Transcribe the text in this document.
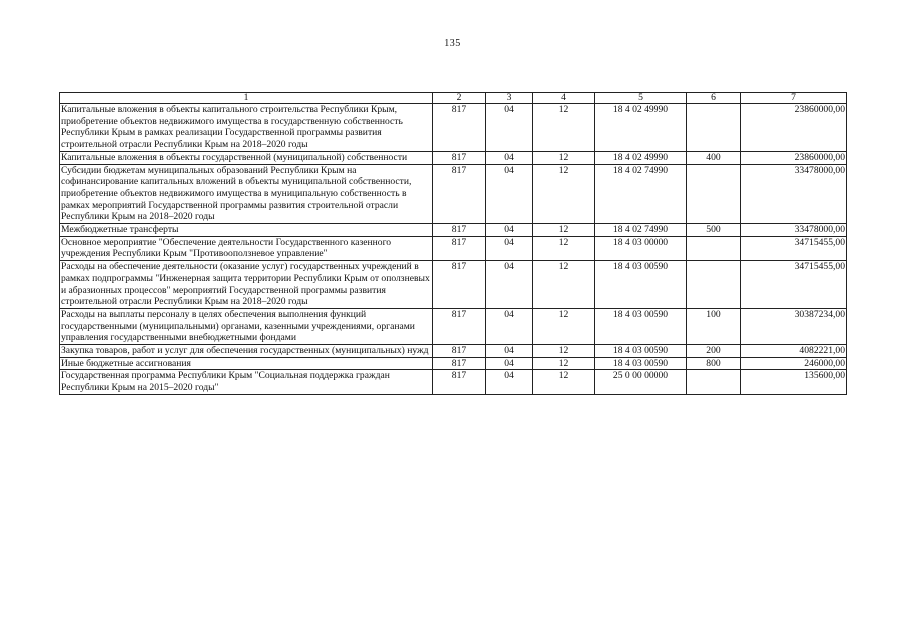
135
1	2	3	4	5	6	7
Капитальные вложения в объекты капитального строительства Республики Крым, приобретение объектов недвижимого имущества в государственную собственность Республики Крым в рамках реализации Государственной программы развития строительной отрасли Республики Крым на 2018–2020 годы	817	04	12	18 4 02 49990		23860000,00
Капитальные вложения в объекты государственной (муниципальной) собственности	817	04	12	18 4 02 49990	400	23860000,00
Субсидии бюджетам муниципальных образований Республики Крым на софинансирование капитальных вложений в объекты муниципальной собственности, приобретение объектов недвижимого имущества в муниципальную собственность в рамках мероприятий Государственной программы развития строительной отрасли Республики Крым на 2018–2020 годы	817	04	12	18 4 02 74990		33478000,00
Межбюджетные трансферты	817	04	12	18 4 02 74990	500	33478000,00
Основное мероприятие "Обеспечение деятельности Государственного казенного учреждения Республики Крым "Противооползневое управление"	817	04	12	18 4 03 00000		34715455,00
Расходы на обеспечение деятельности (оказание услуг) государственных учреждений в рамках подпрограммы "Инженерная защита территории Республики Крым от оползневых и абразионных процессов" мероприятий Государственной программы развития строительной отрасли Республики Крым на 2018–2020 годы	817	04	12	18 4 03 00590		34715455,00
Расходы на выплаты персоналу в целях обеспечения выполнения функций государственными (муниципальными) органами, казенными учреждениями, органами управления государственными внебюджетными фондами	817	04	12	18 4 03 00590	100	30387234,00
Закупка товаров, работ и услуг для обеспечения государственных (муниципальных) нужд	817	04	12	18 4 03 00590	200	4082221,00
Иные бюджетные ассигнования	817	04	12	18 4 03 00590	800	246000,00
Государственная программа Республики Крым "Социальная поддержка граждан Республики Крым на 2015–2020 годы"	817	04	12	25 0 00 00000		135600,00
